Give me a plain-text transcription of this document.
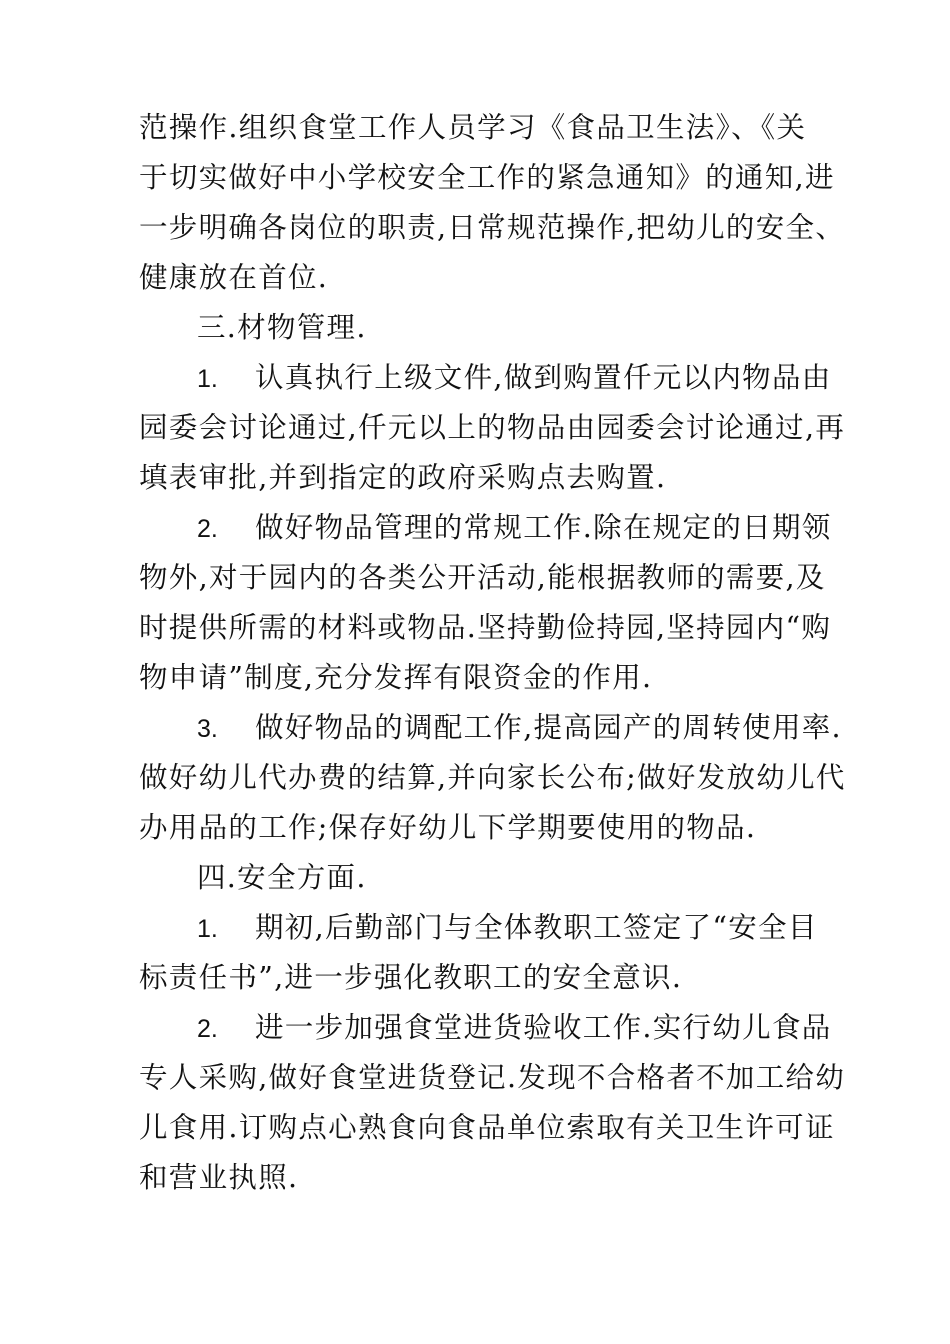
范操作.组织食堂工作人员学习《食品卫生法》、《关
于切实做好中小学校安全工作的紧急通知》的通知,进
一步明确各岗位的职责,日常规范操作,把幼儿的安全、
健康放在首位.
三.材物管理.
1. 认真执行上级文件,做到购置仟元以内物品由
园委会讨论通过,仟元以上的物品由园委会讨论通过,再
填表审批,并到指定的政府采购点去购置.
2. 做好物品管理的常规工作.除在规定的日期领
物外,对于园内的各类公开活动,能根据教师的需要,及
时提供所需的材料或物品.坚持勤俭持园,坚持园内“购
物申请”制度,充分发挥有限资金的作用.
3. 做好物品的调配工作,提高园产的周转使用率.
做好幼儿代办费的结算,并向家长公布;做好发放幼儿代
办用品的工作;保存好幼儿下学期要使用的物品.
四.安全方面.
1. 期初,后勤部门与全体教职工签定了“安全目
标责任书”,进一步强化教职工的安全意识.
2. 进一步加强食堂进货验收工作.实行幼儿食品
专人采购,做好食堂进货登记.发现不合格者不加工给幼
儿食用.订购点心熟食向食品单位索取有关卫生许可证
和营业执照.
